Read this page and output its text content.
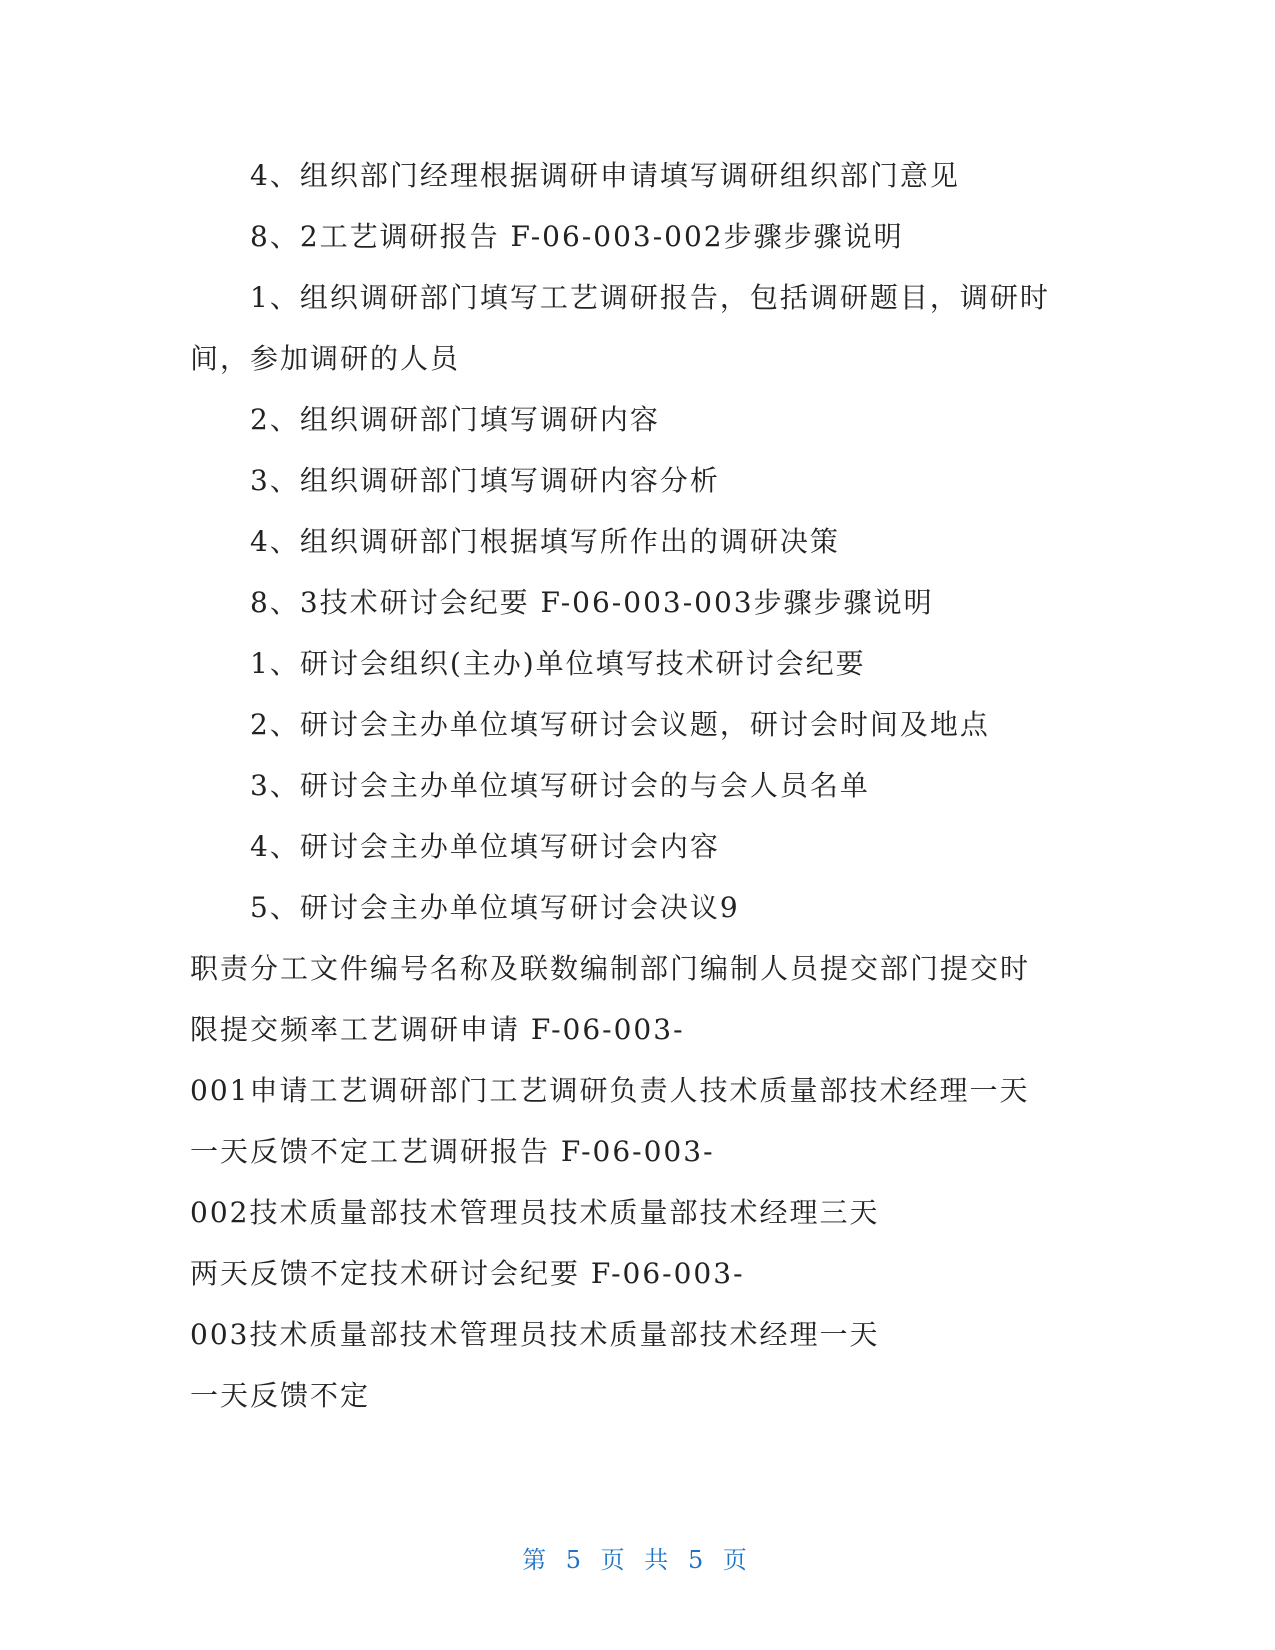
4、组织部门经理根据调研申请填写调研组织部门意见
8、2工艺调研报告 F-06-003-002步骤步骤说明
1、组织调研部门填写工艺调研报告，包括调研题目，调研时
间，参加调研的人员
2、组织调研部门填写调研内容
3、组织调研部门填写调研内容分析
4、组织调研部门根据填写所作出的调研决策
8、3技术研讨会纪要 F-06-003-003步骤步骤说明
1、研讨会组织(主办)单位填写技术研讨会纪要
2、研讨会主办单位填写研讨会议题，研讨会时间及地点
3、研讨会主办单位填写研讨会的与会人员名单
4、研讨会主办单位填写研讨会内容
5、研讨会主办单位填写研讨会决议9
职责分工文件编号名称及联数编制部门编制人员提交部门提交时
限提交频率工艺调研申请 F-06-003-
001申请工艺调研部门工艺调研负责人技术质量部技术经理一天
一天反馈不定工艺调研报告 F-06-003-
002技术质量部技术管理员技术质量部技术经理三天
两天反馈不定技术研讨会纪要 F-06-003-
003技术质量部技术管理员技术质量部技术经理一天
一天反馈不定
第 5 页 共 5 页
